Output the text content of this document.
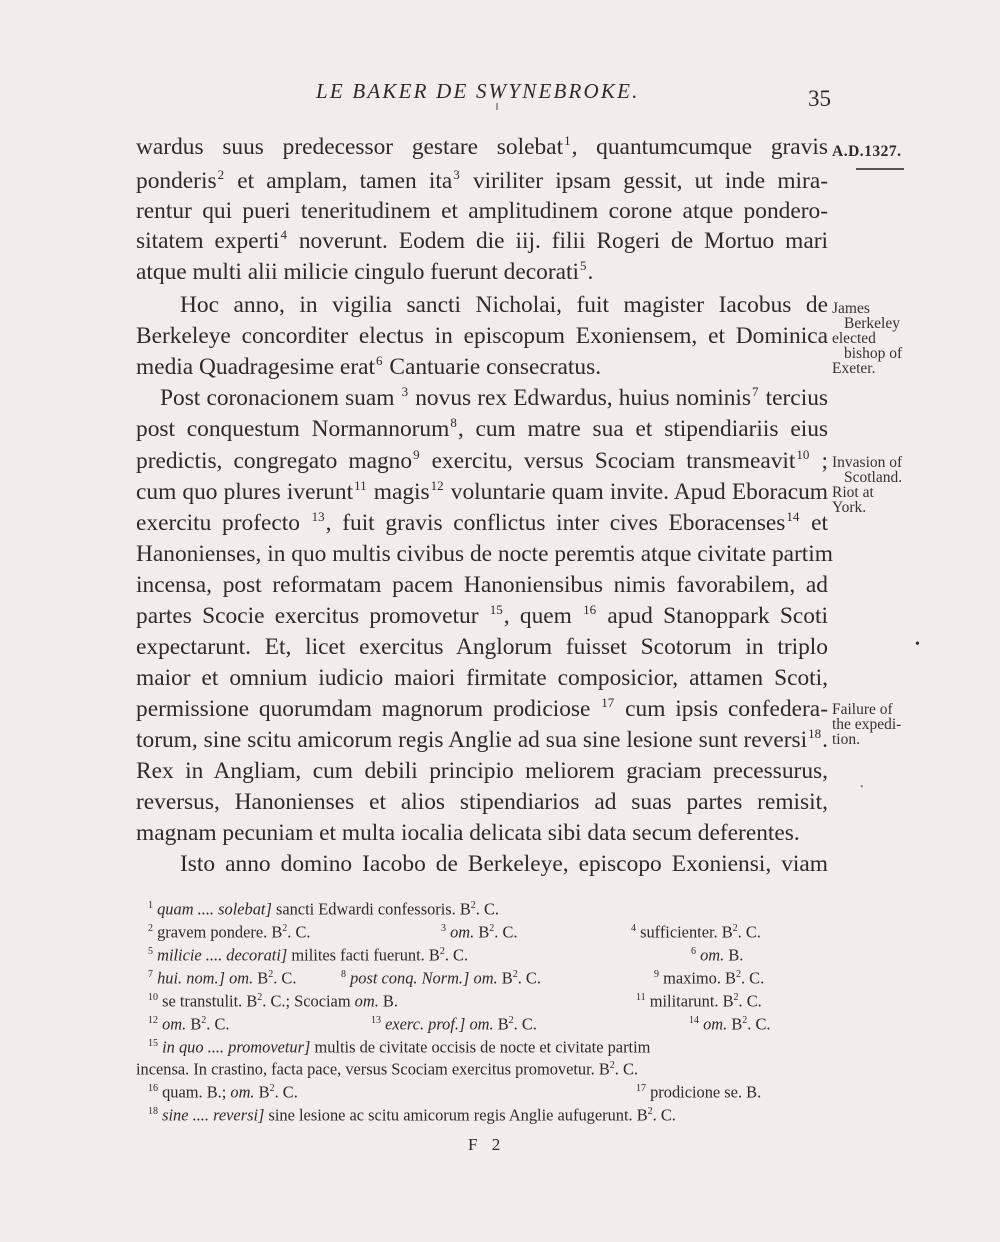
LE BAKER DE SWYNEBROKE.	35
wardus suus predecessor gestare solebat$^1$, quantumcumque gravis
ponderis$^2$ et amplam, tamen ita$^3$ viriliter ipsam gessit, ut inde mira-
rentur qui pueri teneritudinem et amplitudinem corone atque pondero-
sitatem experti$^4$ noverunt. Eodem die iij. filii Rogeri de Mortuo mari
atque multi alii milicie cingulo fuerunt decorati$^5$.
Hoc anno, in vigilia sancti Nicholai, fuit magister Iacobus de
Berkeleye concorditer electus in episcopum Exoniensem, et Dominica
media Quadragesime erat$^6$ Cantuarie consecratus.
Post coronacionem suam $^3$ novus rex Edwardus, huius nominis$^7$ tercius
post conquestum Normannorum$^8$, cum matre sua et stipendiariis eius
predictis, congregato magno$^9$ exercitu, versus Scociam transmeavit$^{10}$ ;
cum quo plures iverunt$^{11}$ magis$^{12}$ voluntarie quam invite. Apud Eboracum
exercitu profecto $^{13}$, fuit gravis conflictus inter cives Eboracenses$^{14}$ et
Hanonienses, in quo multis civibus de nocte peremtis atque civitate partim
incensa, post reformatam pacem Hanoniensibus nimis favorabilem, ad
partes Scocie exercitus promovetur $^{15}$, quem $^{16}$ apud Stanoppark Scoti
expectarunt. Et, licet exercitus Anglorum fuisset Scotorum in triplo
maior et omnium iudicio maiori firmitate composicior, attamen Scoti,
permissione quorumdam magnorum prodiciose $^{17}$ cum ipsis confedera-
torum, sine scitu amicorum regis Anglie ad sua sine lesione sunt reversi$^{18}$.
Rex in Angliam, cum debili principio meliorem graciam precessurus,
reversus, Hanonienses et alios stipendiarios ad suas partes remisit,
magnam pecuniam et multa iocalia delicata sibi data secum deferentes.
Isto anno domino Iacobo de Berkeleye, episcopo Exoniensi, viam
A.D.1327.
James
Berkeley
elected
bishop of
Exeter.
Invasion of
Scotland.
Riot at
York.
Failure of
the expedi-
tion.
•
•
$^1$ quam .... solebat] sancti Edwardi confessoris. $B^2$. C.
$^2$ gravem pondere. $B^2$. C.	$^3$ om. $B^2$. C.	$^4$ sufficienter. $B^2$. C.
$^5$ milicie .... decorati] milites facti fuerunt. $B^2$. C.	$^6$ om. B.
$^7$ hui. nom.] om. $B^2$. C.	$^8$ post conq. Norm.] om. $B^2$. C.	$^9$ maximo. $B^2$. C.
$^{10}$ se transtulit. $B^2$. C.; Scociam om. B.	$^{11}$ militarunt. $B^2$. C.
$^{12}$ om. $B^2$. C.	$^{13}$ exerc. prof.] om. $B^2$. C.	$^{14}$ om. $B^2$. C.
$^{15}$ in quo .... promovetur] multis de civitate occisis de nocte et civitate partim
incensa. In crastino, facta pace, versus Scociam exercitus promovetur. $B^2$. C.
$^{16}$ quam. B.; om. $B^2$. C.	$^{17}$ prodicione se. B.
$^{18}$ sine .... reversi] sine lesione ac scitu amicorum regis Anglie aufugerunt. $B^2$. C.
F 2
